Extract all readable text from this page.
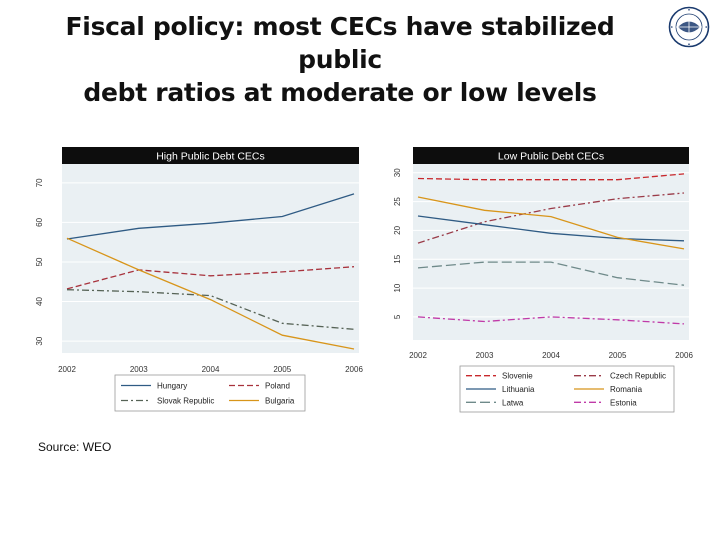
Fiscal policy: most CECs have stabilized public
debt ratios at moderate or low levels
High Public Debt CECs
30
40
50
60
70
2002	2003	2004	2005	2006
Hungary	Poland
Slovak Republic	Bulgaria
Low Public Debt CECs
5
10
15
20
25
30
2002	2003	2004	2005	2006
Slovenie	Czech Republic
Lithuania	Romania
Latwa	Estonia
Source: WEO
